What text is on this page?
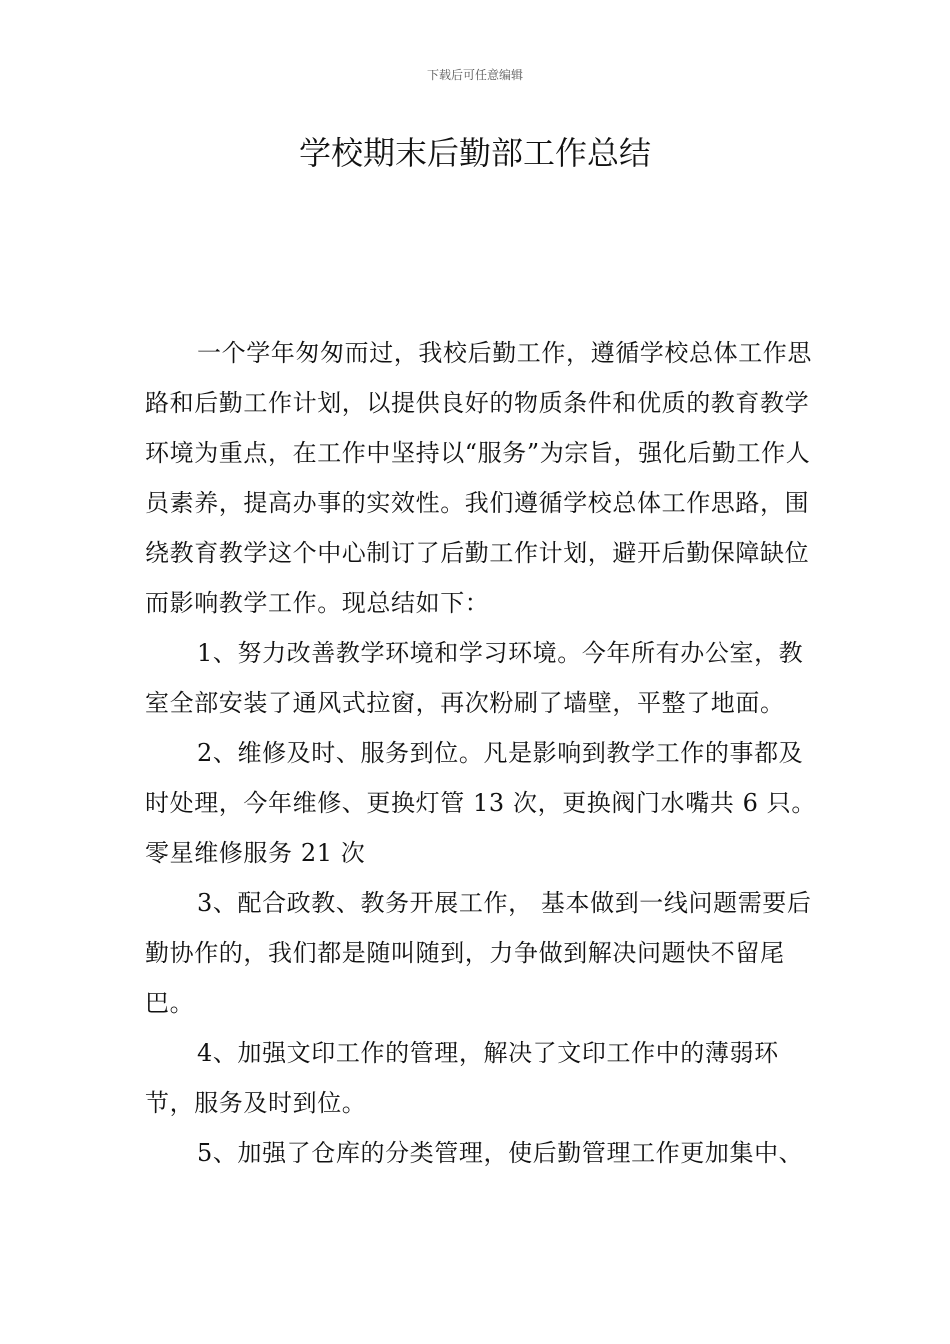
下载后可任意编辑
学校期末后勤部工作总结

一个学年匆匆而过，我校后勤工作，遵循学校总体工作思路和后勤工作计划，以提供良好的物质条件和优质的教育教学环境为重点，在工作中坚持以“服务”为宗旨，强化后勤工作人员素养，提高办事的实效性。我们遵循学校总体工作思路，围绕教育教学这个中心制订了后勤工作计划，避开后勤保障缺位而影响教学工作。现总结如下：

1、努力改善教学环境和学习环境。今年所有办公室，教室全部安装了通风式拉窗，再次粉刷了墙壁，平整了地面。

2、维修及时、服务到位。凡是影响到教学工作的事都及时处理，今年维修、更换灯管 13 次，更换阀门水嘴共 6 只。零星维修服务 21 次

3、配合政教、教务开展工作， 基本做到一线问题需要后勤协作的，我们都是随叫随到，力争做到解决问题快不留尾巴。

4、加强文印工作的管理，解决了文印工作中的薄弱环节，服务及时到位。

5、加强了仓库的分类管理，使后勤管理工作更加集中、
